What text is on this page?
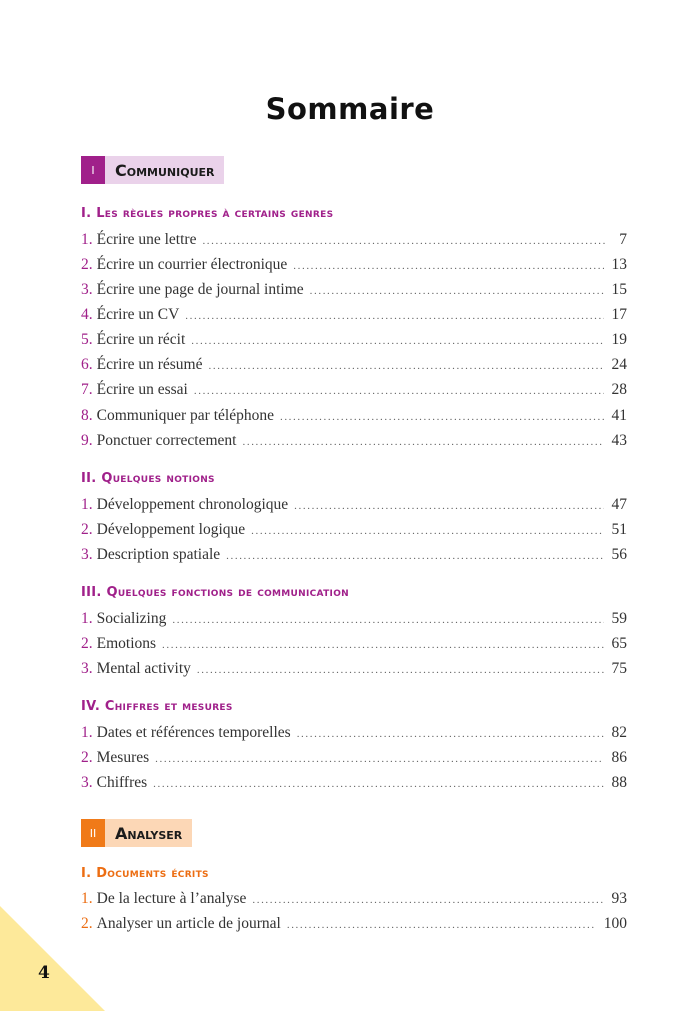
Sommaire
I	Communiquer
I. Les règles propres à certains genres
1. Écrire une lettre .....	7
2. Écrire un courrier électronique .....	13
3. Écrire une page de journal intime .....	15
4. Écrire un CV .....	17
5. Écrire un récit .....	19
6. Écrire un résumé .....	24
7. Écrire un essai .....	28
8. Communiquer par téléphone .....	41
9. Ponctuer correctement .....	43
II. Quelques notions
1. Développement chronologique .....	47
2. Développement logique .....	51
3. Description spatiale .....	56
III. Quelques fonctions de communication
1. Socializing .....	59
2. Emotions .....	65
3. Mental activity .....	75
IV. Chiffres et mesures
1. Dates et références temporelles .....	82
2. Mesures .....	86
3. Chiffres .....	88
II	Analyser
I. Documents écrits
1. De la lecture à l’analyse .....	93
2. Analyser un article de journal .....	100
4
